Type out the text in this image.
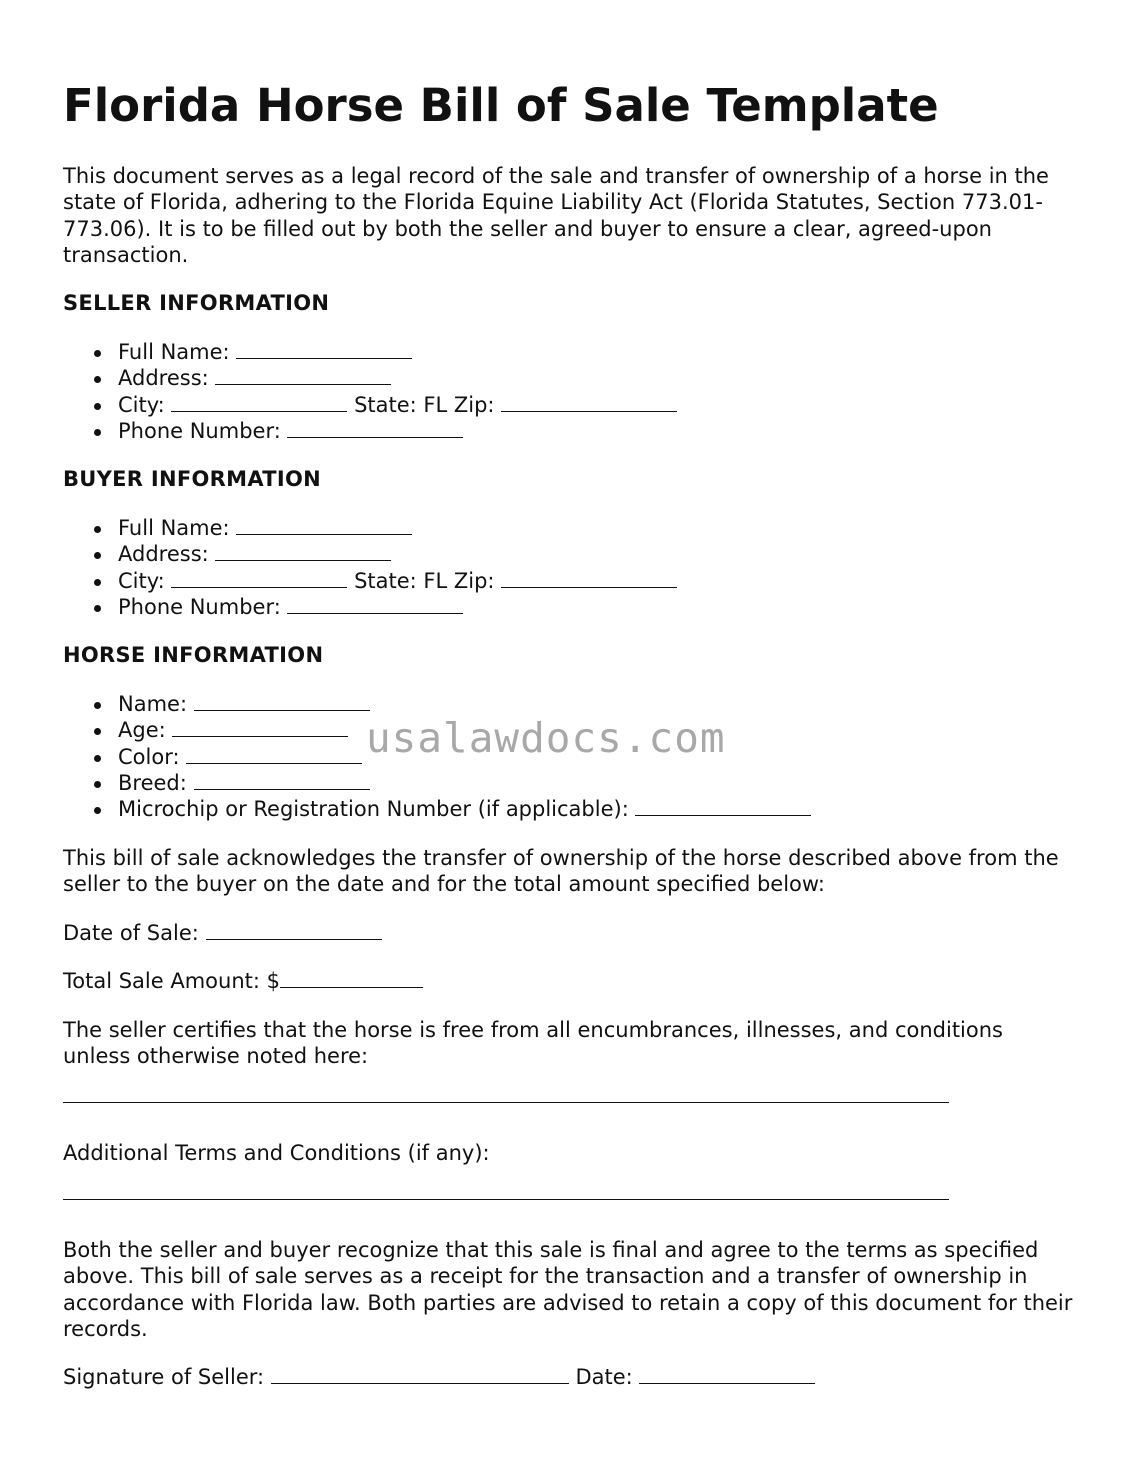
Florida Horse Bill of Sale Template

This document serves as a legal record of the sale and transfer of ownership of a horse in the state of Florida, adhering to the Florida Equine Liability Act (Florida Statutes, Section 773.01-773.06). It is to be filled out by both the seller and buyer to ensure a clear, agreed-upon transaction.

SELLER INFORMATION
Full Name:
Address:
City:	State: FL Zip:
Phone Number:
BUYER INFORMATION
Full Name:
Address:
City:	State: FL Zip:
Phone Number:
HORSE INFORMATION
Name:
Age:
Color:
Breed:
Microchip or Registration Number (if applicable):

This bill of sale acknowledges the transfer of ownership of the horse described above from the seller to the buyer on the date and for the total amount specified below:

Date of Sale:
Total Sale Amount: $

The seller certifies that the horse is free from all encumbrances, illnesses, and conditions unless otherwise noted here:

Additional Terms and Conditions (if any):

Both the seller and buyer recognize that this sale is final and agree to the terms as specified above. This bill of sale serves as a receipt for the transaction and a transfer of ownership in accordance with Florida law. Both parties are advised to retain a copy of this document for their records.

Signature of Seller:	Date:
usalawdocs.com
